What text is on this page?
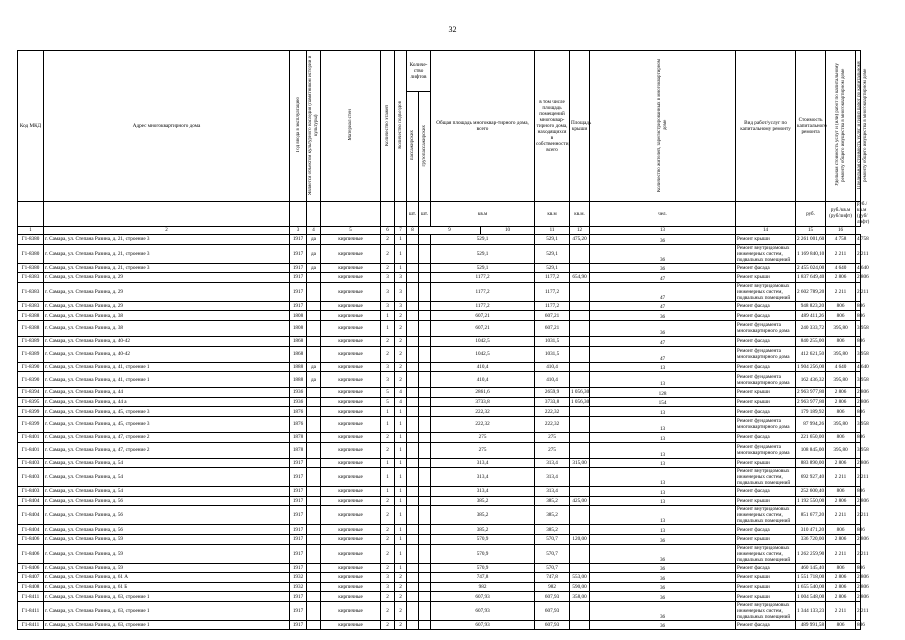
32
Код МКД	Адрес многоквартирного дома	Год ввода в эксплуатацию	Является объектом культурного наследия (памятником истории и культуры)	Материал стен	Количество этажей	Количество подъездов	Количе-ство лифтов		Общая площадь многоквар-тирного дома, всего		в том числе площадь помещений многоквар-тирного дома, находящихся в собственности, всего	Площадь крыши	Количество жителей, зарегистрированных в многоквартирном доме	Вид работ/услуг по капитальному ремонту	Стоимость капитального ремонта	Удельная стоимость услуг и (или) работ по капитальному ремонту общего имущества в многоквартирном доме	Предельная стоимость услуг и (или) работ по капитальному ремонту общего имущества в многоквартирном доме
							пассажирских	грузопассажирских									
							шт.	шт.	кв.м		кв.м	кв.м.	чел.		руб.	руб./кв.м (руб/лифт)	руб./кв.м (руб/лифт)
1	2	3	4	5	6	7	8	9		10	11	12	13	14	15	16	
Г1-8380	г. Самара, ул. Степана Разина, д. 21, строение 3	1917	да	кирпичные	2	1			529,1		529,1	475,20	36	Ремонт крыши	2 261 001,60	4 758	4 758
Г1-8380	г. Самара, ул. Степана Разина, д. 21, строение 3	1917	да	кирпичные	2	1			529,1		529,1		36	Ремонт внутридомовых инженерных систем, подвальных помещений	1 169 840,10	2 211	2 211
Г1-8380	г. Самара, ул. Степана Разина, д. 21, строение 3	1917	да	кирпичные	2	1			529,1		529,1		36	Ремонт фасада	2 455 024,00	4 640	4 640
Г1-8383	г. Самара, ул. Степана Разина, д. 29	1917		кирпичные	3	3			1177,2		1177,2	654,90	47	Ремонт крыши	1 837 649,40	2 806	2 806
Г1-8383	г. Самара, ул. Степана Разина, д. 29	1917		кирпичные	3	3			1177,2		1177,2		47	Ремонт внутридомовых инженерных систем, подвальных помещений	2 602 789,20	2 211	2 211
Г1-8383	г. Самара, ул. Степана Разина, д. 29	1917		кирпичные	3	3			1177,2		1177,2		47	Ремонт фасада	948 823,20	806	806
Г1-8388	г. Самара, ул. Степана Разина, д. 38	1808		кирпичные	1	2			607,21		607,21		36	Ремонт фасада	489 411,26	806	806
Г1-8388	г. Самара, ул. Степана Разина, д. 38	1808		кирпичные	1	2			607,21		607,21		36	Ремонт фундамента многоквартирного дома	240 333,72	395,80	3 958
Г1-8389	г. Самара, ул. Степана Разина, д. 40-42	1868		кирпичные	2	2			1042,5		1031,5		47	Ремонт фасада	840 255,00	806	806
Г1-8389	г. Самара, ул. Степана Разина, д. 40-42	1868		кирпичные	2	2			1042,5		1031,5		47	Ремонт фундамента многоквартирного дома	412 621,50	395,80	3 958
Г1-8390	г. Самара, ул. Степана Разина, д. 41, строение 1	1888	да	кирпичные	3	2			410,4		410,4		13	Ремонт фасада	1 904 256,00	4 640	4 640
Г1-8390	г. Самара, ул. Степана Разина, д. 41, строение 1	1888	да	кирпичные	3	2			410,4		410,4		13	Ремонт фундамента многоквартирного дома	162 436,32	395,80	3 958
Г1-8394	г. Самара, ул. Степана Разина, д. 44	1936		кирпичные	5	4			2861,6		2659,9	1 056,30	128	Ремонт крыши	2 963 977,80	2 806	2 806
Г1-8395	г. Самара, ул. Степана Разина, д. 44 а	1936		кирпичные	5	4			3733,8		3733,8	1 056,30	154	Ремонт крыши	2 963 977,80	2 806	2 806
Г1-8399	г. Самара, ул. Степана Разина, д. 45, строение 3	1876		кирпичные	1	1			222,32		222,32		13	Ремонт фасада	179 189,92	806	806
Г1-8399	г. Самара, ул. Степана Разина, д. 45, строение 3	1876		кирпичные	1	1			222,32		222,32		13	Ремонт фундамента многоквартирного дома	87 994,26	395,80	3 958
Г1-8401	г. Самара, ул. Степана Разина, д. 47, строение 2	1878		кирпичные	2	1			275		275		13	Ремонт фасада	221 650,00	806	806
Г1-8401	г. Самара, ул. Степана Разина, д. 47, строение 2	1878		кирпичные	2	1			275		275		13	Ремонт фундамента многоквартирного дома	108 845,00	395,80	3 958
Г1-8403	г. Самара, ул. Степана Разина, д. 54	1917		кирпичные	1	1			313,4		313,4	315,00	13	Ремонт крыши	883 890,00	2 806	2 806
Г1-8403	г. Самара, ул. Степана Разина, д. 54	1917		кирпичные	1	1			313,4		313,4		13	Ремонт внутридомовых инженерных систем, подвальных помещений	692 927,40	2 211	2 211
Г1-8403	г. Самара, ул. Степана Разина, д. 54	1917		кирпичные	1	1			313,4		313,4		13	Ремонт фасада	252 600,40	806	806
Г1-8404	г. Самара, ул. Степана Разина, д. 56	1917		кирпичные	2	1			385,2		385,2	425,00	13	Ремонт крыши	1 192 550,00	2 806	2 806
Г1-8404	г. Самара, ул. Степана Разина, д. 56	1917		кирпичные	2	1			385,2		385,2		13	Ремонт внутридомовых инженерных систем, подвальных помещений	851 677,20	2 211	2 211
Г1-8404	г. Самара, ул. Степана Разина, д. 56	1917		кирпичные	2	1			385,2		385,2		13	Ремонт фасада	310 471,20	806	806
Г1-8406	г. Самара, ул. Степана Разина, д. 59	1917		кирпичные	2	1			570,9		570,7	120,00	36	Ремонт крыши	336 720,00	2 806	2 806
Г1-8406	г. Самара, ул. Степана Разина, д. 59	1917		кирпичные	2	1			570,9		570,7		36	Ремонт внутридомовых инженерных систем, подвальных помещений	1 262 259,90	2 211	2 211
Г1-8406	г. Самара, ул. Степана Разина, д. 59	1917		кирпичные	2	1			570,9		570,7		36	Ремонт фасада	460 145,40	806	806
Г1-8407	г. Самара, ул. Степана Разина, д. 61 А	1932		кирпичные	3	2			747,8		747,8	553,00	36	Ремонт крыши	1 551 718,00	2 806	2 806
Г1-8408	г. Самара, ул. Степана Разина, д. 61 Б	1932		кирпичные	3	2			982		982	590,00	36	Ремонт крыши	1 655 540,00	2 806	2 806
Г1-8411	г. Самара, ул. Степана Разина, д. 63, строение 1	1917		кирпичные	2	2			607,93		607,93	358,00	36	Ремонт крыши	1 004 548,00	2 806	2 806
Г1-8411	г. Самара, ул. Степана Разина, д. 63, строение 1	1917		кирпичные	2	2			607,93		607,93		36	Ремонт внутридомовых инженерных систем, подвальных помещений	1 344 133,23	2 211	2 211
Г1-8411	г. Самара, ул. Степана Разина, д. 63, строение 1	1917		кирпичные	2	2			607,93		607,93		36	Ремонт фасада	489 991,58	806	806
